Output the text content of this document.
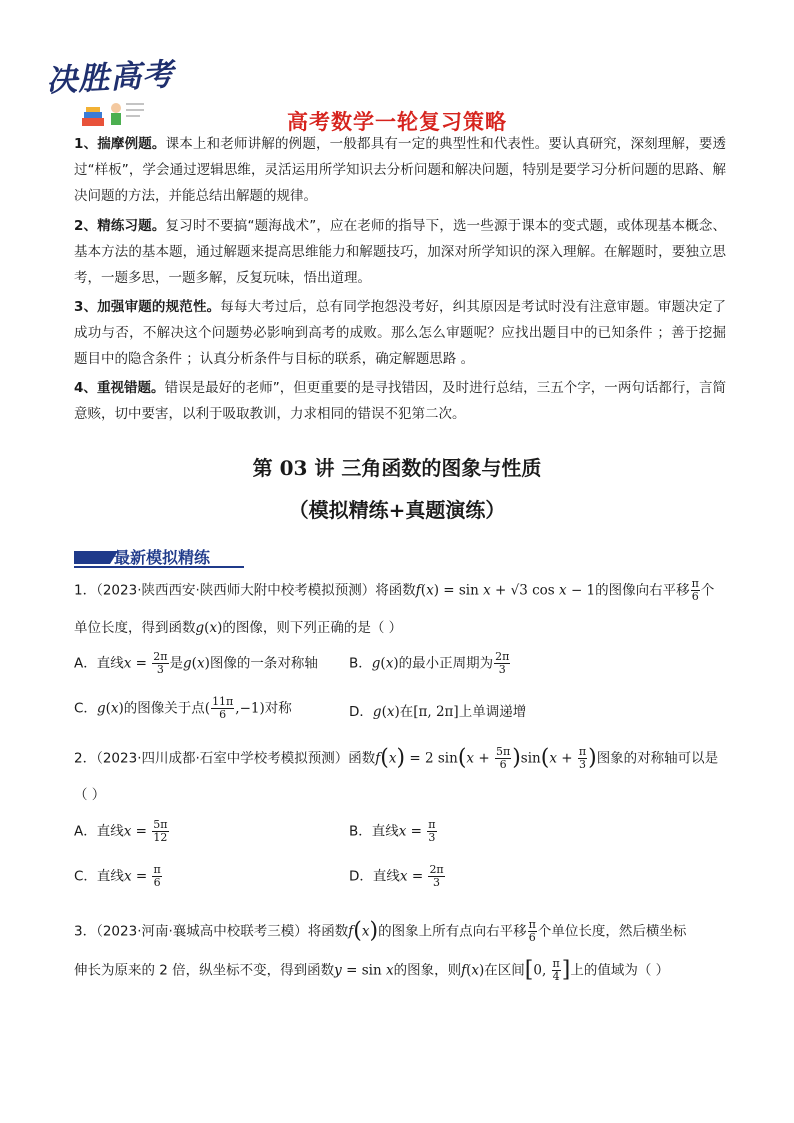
决胜高考
高考数学一轮复习策略
1、揣摩例题。课本上和老师讲解的例题，一般都具有一定的典型性和代表性。要认真研究，深刻理解，要透过“样板”，学会通过逻辑思维，灵活运用所学知识去分析问题和解决问题，特别是要学习分析问题的思路、解决问题的方法，并能总结出解题的规律。
2、精练习题。复习时不要搞“题海战术”，应在老师的指导下，选一些源于课本的变式题，或体现基本概念、基本方法的基本题，通过解题来提高思维能力和解题技巧，加深对所学知识的深入理解。在解题时，要独立思考，一题多思，一题多解，反复玩味，悟出道理。
3、加强审题的规范性。每每大考过后，总有同学抱怨没考好，纠其原因是考试时没有注意审题。审题决定了成功与否，不解决这个问题势必影响到高考的成败。那么怎么审题呢？应找出题目中的已知条件 ；善于挖掘题目中的隐含条件 ；认真分析条件与目标的联系，确定解题思路 。
4、重视错题。错误是最好的老师”，但更重要的是寻找错因，及时进行总结，三五个字，一两句话都行，言简意赅，切中要害，以利于吸取教训，力求相同的错误不犯第二次。
第 03 讲 三角函数的图象与性质
（模拟精练+真题演练）
最新模拟精练
1．（2023·陕西西安·陕西师大附中校考模拟预测）将函数f(x) = sin x + √3 cos x − 1的图像向右平移 $\frac{\pi}{6}$ 个
单位长度，得到函数g(x)的图像，则下列正确的是（ ）
A．直线$x = \frac{2\pi}{3}$ 是g(x)图像的一条对称轴 B．g(x)的最小正周期为 $\frac{2\pi}{3}$
C．g(x)的图像关于点( $\frac{11\pi}{6} ,-1$)对称	D．g(x)在[π, 2π]上单调递增
2．（2023·四川成都·石室中学校考模拟预测）函数f(x) = 2 $\sin(x + \frac{5\pi}{6} )\sin(x + \frac{\pi}{3}$ )图象的对称轴可以是
（ ）
A．直线$x = \frac{5\pi}{12}$	B．直线$x = \frac{\pi}{3}$
C．直线$x = \frac{\pi}{6}$	D．直线$x = \frac{2\pi}{3}$
3．（2023·河南·襄城高中校联考三模）将函数f(x)的图象上所有点向右平移 $\frac{\pi}{6}$ 个单位长度，然后横坐标
伸长为原来的 2 倍，纵坐标不变，得到函数y = sin x的图象，则f(x)在区间[0, $\frac{\pi}{4}$ ]上的值域为（ ）
